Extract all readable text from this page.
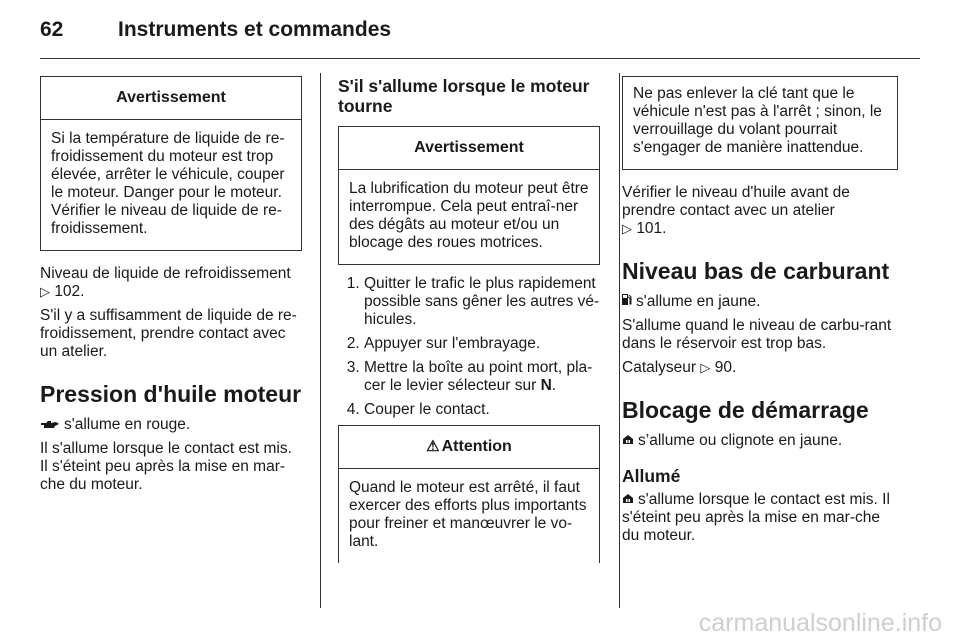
62	Instruments et commandes
Avertissement
Si la température de liquide de re-froidissement du moteur est trop élevée, arrêter le véhicule, couper le moteur. Danger pour le moteur. Vérifier le niveau de liquide de re-froidissement.

Niveau de liquide de refroidissement
▷ 102.

S'il y a suffisamment de liquide de re-froidissement, prendre contact avec un atelier.

Pression d'huile moteur

s'allume en rouge.

Il s'allume lorsque le contact est mis. Il s'éteint peu après la mise en mar-che du moteur.

S'il s'allume lorsque le moteur tourne
Avertissement
La lubrification du moteur peut être interrompue. Cela peut entraî-ner des dégâts au moteur et/ou un blocage des roues motrices.
1. Quitter le trafic le plus rapidement possible sans gêner les autres vé-hicules.
2. Appuyer sur l'embrayage.
3. Mettre la boîte au point mort, pla-cer le levier sélecteur sur N.
4. Couper le contact.
⚠ Attention
Quand le moteur est arrêté, il faut exercer des efforts plus importants pour freiner et manœuvrer le vo-lant.
Ne pas enlever la clé tant que le véhicule n'est pas à l'arrêt ; sinon, le verrouillage du volant pourrait s'engager de manière inattendue.

Vérifier le niveau d'huile avant de prendre contact avec un atelier
▷ 101.

Niveau bas de carburant

s'allume en jaune.

S'allume quand le niveau de carbu-rant dans le réservoir est trop bas.

Catalyseur ▷ 90.

Blocage de démarrage

s’allume ou clignote en jaune.

Allumé

s'allume lorsque le contact est mis. Il s'éteint peu après la mise en mar-che du moteur.

carmanualsonline.info
